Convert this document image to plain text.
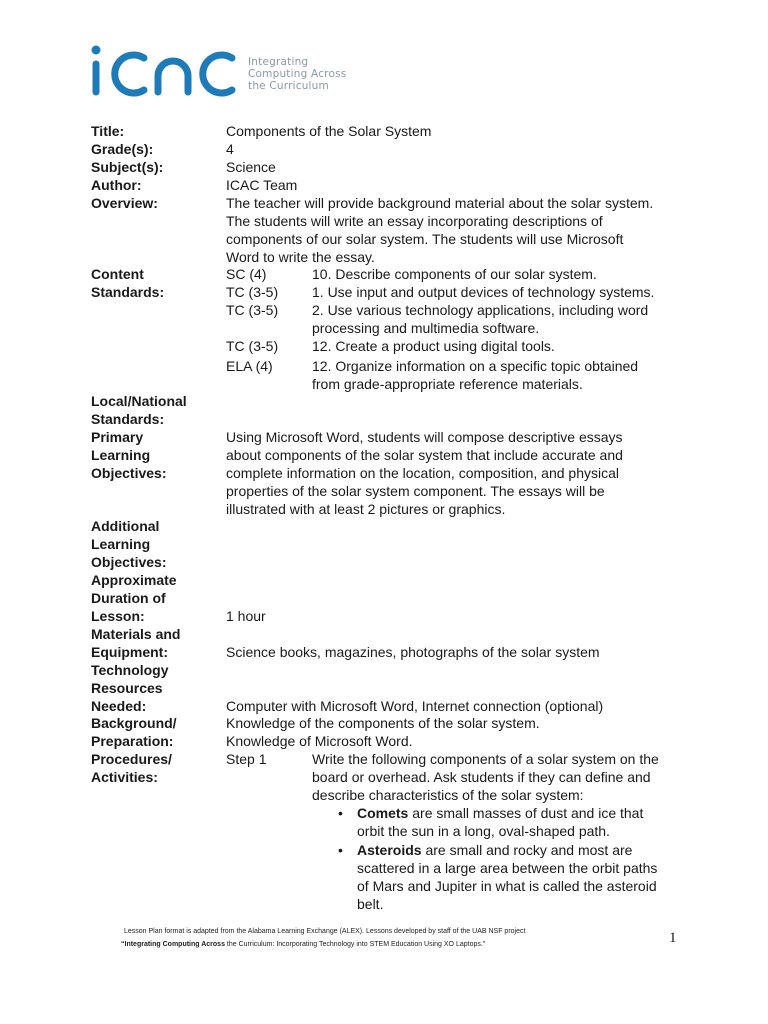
Integrating
Computing Across
the Curriculum
Title:	Components of the Solar System
Grade(s):	4
Subject(s):	Science
Author:	ICAC Team
Overview:	The teacher will provide background material about the solar system.
The students will write an essay incorporating descriptions of
components of our solar system. The students will use Microsoft
Word to write the essay.
Content
Standards:
SC (4)	10. Describe components of our solar system.
TC (3-5) 1. Use input and output devices of technology systems.
TC (3-5) 2. Use various technology applications, including word
processing and multimedia software.
TC (3-5) 12. Create a product using digital tools.
ELA (4)	12. Organize information on a specific topic obtained
from grade-appropriate reference materials.
Local/National
Standards:
Primary
Learning
Objectives:
Using Microsoft Word, students will compose descriptive essays
about components of the solar system that include accurate and
complete information on the location, composition, and physical
properties of the solar system component. The essays will be
illustrated with at least 2 pictures or graphics.
Additional
Learning
Objectives:
Approximate
Duration of
Lesson:	1 hour
Materials and
Equipment:	Science books, magazines, photographs of the solar system
Technology
Resources
Needed:	Computer with Microsoft Word, Internet connection (optional)
Background/
Preparation:
Knowledge of the components of the solar system.
Knowledge of Microsoft Word.
Procedures/
Activities:
Step 1	Write the following components of a solar system on the
board or overhead. Ask students if they can define and
describe characteristics of the solar system:
• Comets are small masses of dust and ice that
orbit the sun in a long, oval-shaped path.
• Asteroids are small and rocky and most are
scattered in a large area between the orbit paths
of Mars and Jupiter in what is called the asteroid
belt.
Lesson Plan format is adapted from the Alabama Learning Exchange (ALEX). Lessons developed by staff of the UAB NSF project
“Integrating Computing Across the Curriculum: Incorporating Technology into STEM Education Using XO Laptops.”	1
